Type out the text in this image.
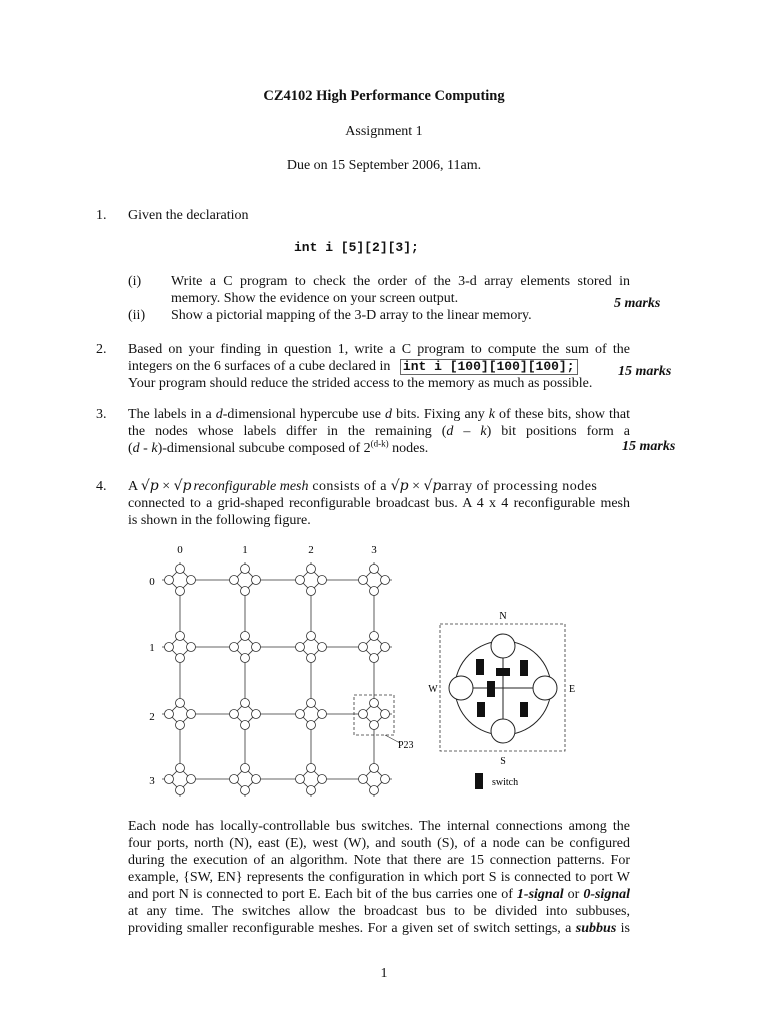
CZ4102 High Performance Computing
Assignment 1
Due on 15 September 2006, 11am.
1. Given the declaration
int i [5][2][3];
(i) Write a C program to check the order of the 3-d array elements stored in
memory. Show the evidence on your screen output.	5 marks
(ii) Show a pictorial mapping of the 3-D array to the linear memory.
2. Based on your finding in question 1, write a C program to compute the sum of the
integers on the 6 surfaces of a cube declared in int i [100][100][100];	15 marks
Your program should reduce the strided access to the memory as much as possible.
3. The labels in a d-dimensional hypercube use d bits. Fixing any k of these bits, show that
the nodes whose labels differ in the remaining (d – k) bit positions form a
(d - k)-dimensional subcube composed of 2$^{(d-k)}$ nodes.	15 marks
4. A √p × √p reconfigurable mesh consists of a √p × √parray of processing nodes
connected to a grid-shaped reconfigurable broadcast bus. A 4 x 4 reconfigurable mesh
is shown in the following figure.
0	1	2	3
0
1
2
3
P23
N
S
W	E
switch
Each node has locally-controllable bus switches. The internal connections among the
four ports, north (N), east (E), west (W), and south (S), of a node can be configured
during the execution of an algorithm. Note that there are 15 connection patterns. For
example, {SW, EN} represents the configuration in which port S is connected to port W
and port N is connected to port E. Each bit of the bus carries one of 1-signal or 0-signal
at any time. The switches allow the broadcast bus to be divided into subbuses,
providing smaller reconfigurable meshes. For a given set of switch settings, a subbus is
1
